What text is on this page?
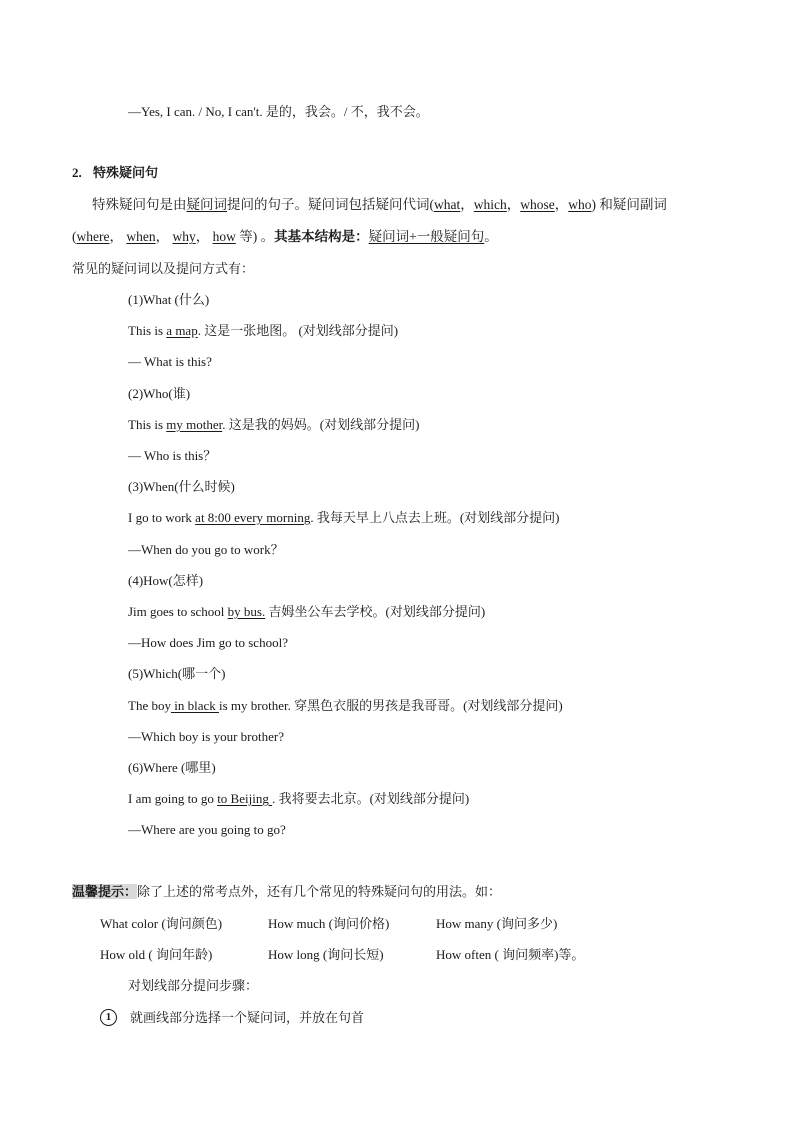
—Yes, I can. / No, I can't. 是的，我会。/ 不，我不会。
2. 特殊疑问句
特殊疑问句是由疑问词提问的句子。疑问词包括疑问代词(what，which，whose，who) 和疑问副词
(where， when， why， how 等) 。其基本结构是：疑问词+一般疑问句。
常见的疑问词以及提问方式有：
(1)What (什么)
This is a map. 这是一张地图。 (对划线部分提问)
— What is this?
(2)Who(谁)
This is my mother. 这是我的妈妈。(对划线部分提问)
— Who is this？
(3)When(什么时候)
I go to work at 8:00 every morning. 我每天早上八点去上班。(对划线部分提问)
—When do you go to work？
(4)How(怎样)
Jim goes to school by bus. 吉姆坐公车去学校。(对划线部分提问)
—How does Jim go to school?
(5)Which(哪一个)
The boy in black is my brother. 穿黑色衣服的男孩是我哥哥。(对划线部分提问)
—Which boy is your brother?
(6)Where (哪里)
I am going to go to Beijing . 我将要去北京。(对划线部分提问)
—Where are you going to go?
温馨提示：除了上述的常考点外，还有几个常见的特殊疑问句的用法。如：
What color (询问颜色)	How much (询问价格)	How many (询问多少)
How old ( 询问年龄)	How long (询问长短)	How often ( 询问频率)等。
对划线部分提问步骤：
1	就画线部分选择一个疑问词，并放在句首
